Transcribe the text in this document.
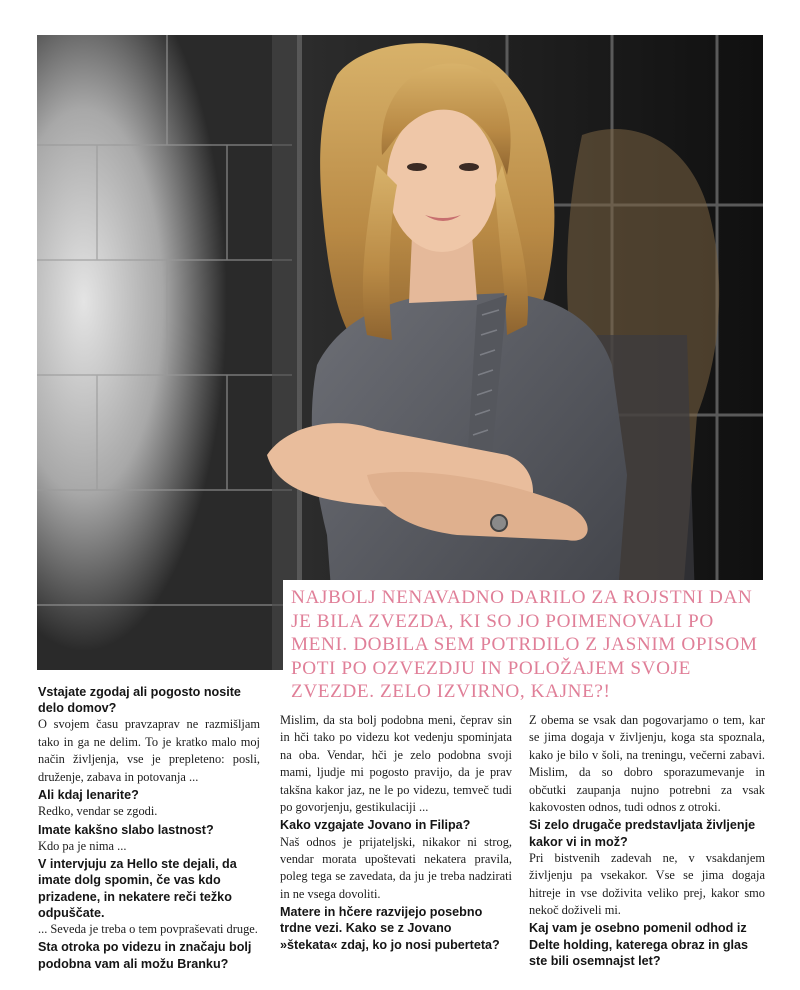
NAJBOLJ NENAVADNO DARILO ZA ROJSTNI DAN JE BILA ZVEZDA, KI SO JO POIMENOVALI PO MENI. DOBILA SEM POTRDILO Z JASNIM OPISOM POTI PO OZVEZDJU IN POLOŽAJEM SVOJE ZVEZDE. ZELO IZVIRNO, KAJNE?!

Vstajate zgodaj ali pogosto nosite delo domov?

O svojem času pravzaprav ne razmišljam tako in ga ne delim. To je kratko malo moj način življenja, vse je prepleteno: posli, druženje, zabava in potovanja ...

Ali kdaj lenarite?

Redko, vendar se zgodi.

Imate kakšno slabo lastnost?

Kdo pa je nima ...

V intervjuju za Hello ste dejali, da imate dolg spomin, če vas kdo prizadene, in nekatere reči težko odpuščate.

... Seveda je treba o tem povpraševati druge.

Sta otroka po videzu in značaju bolj podobna vam ali možu Branku?

Mislim, da sta bolj podobna meni, čeprav sin in hči tako po videzu kot vedenju spominjata na oba. Vendar, hči je zelo podobna svoji mami, ljudje mi pogosto pravijo, da je prav takšna kakor jaz, ne le po videzu, temveč tudi po govorjenju, gestikulaciji ...

Kako vzgajate Jovano in Filipa?

Naš odnos je prijateljski, nikakor ni strog, vendar morata upoštevati nekatera pravila, poleg tega se zavedata, da ju je treba nadzirati in ne vsega dovoliti.

Matere in hčere razvijejo posebno trdne vezi. Kako se z Jovano »štekata« zdaj, ko jo nosi puberteta?

Z obema se vsak dan pogovarjamo o tem, kar se jima dogaja v življenju, koga sta spoznala, kako je bilo v šoli, na treningu, večerni zabavi. Mislim, da so dobro sporazumevanje in občutki zaupanja nujno potrebni za vsak kakovosten odnos, tudi odnos z otroki.

Si zelo drugače predstavljata življenje kakor vi in mož?

Pri bistvenih zadevah ne, v vsakdanjem življenju pa vsekakor. Vse se jima dogaja hitreje in vse doživita veliko prej, kakor smo nekoč doživeli mi.

Kaj vam je osebno pomenil odhod iz Delte holding, katerega obraz in glas ste bili osemnajst let?
